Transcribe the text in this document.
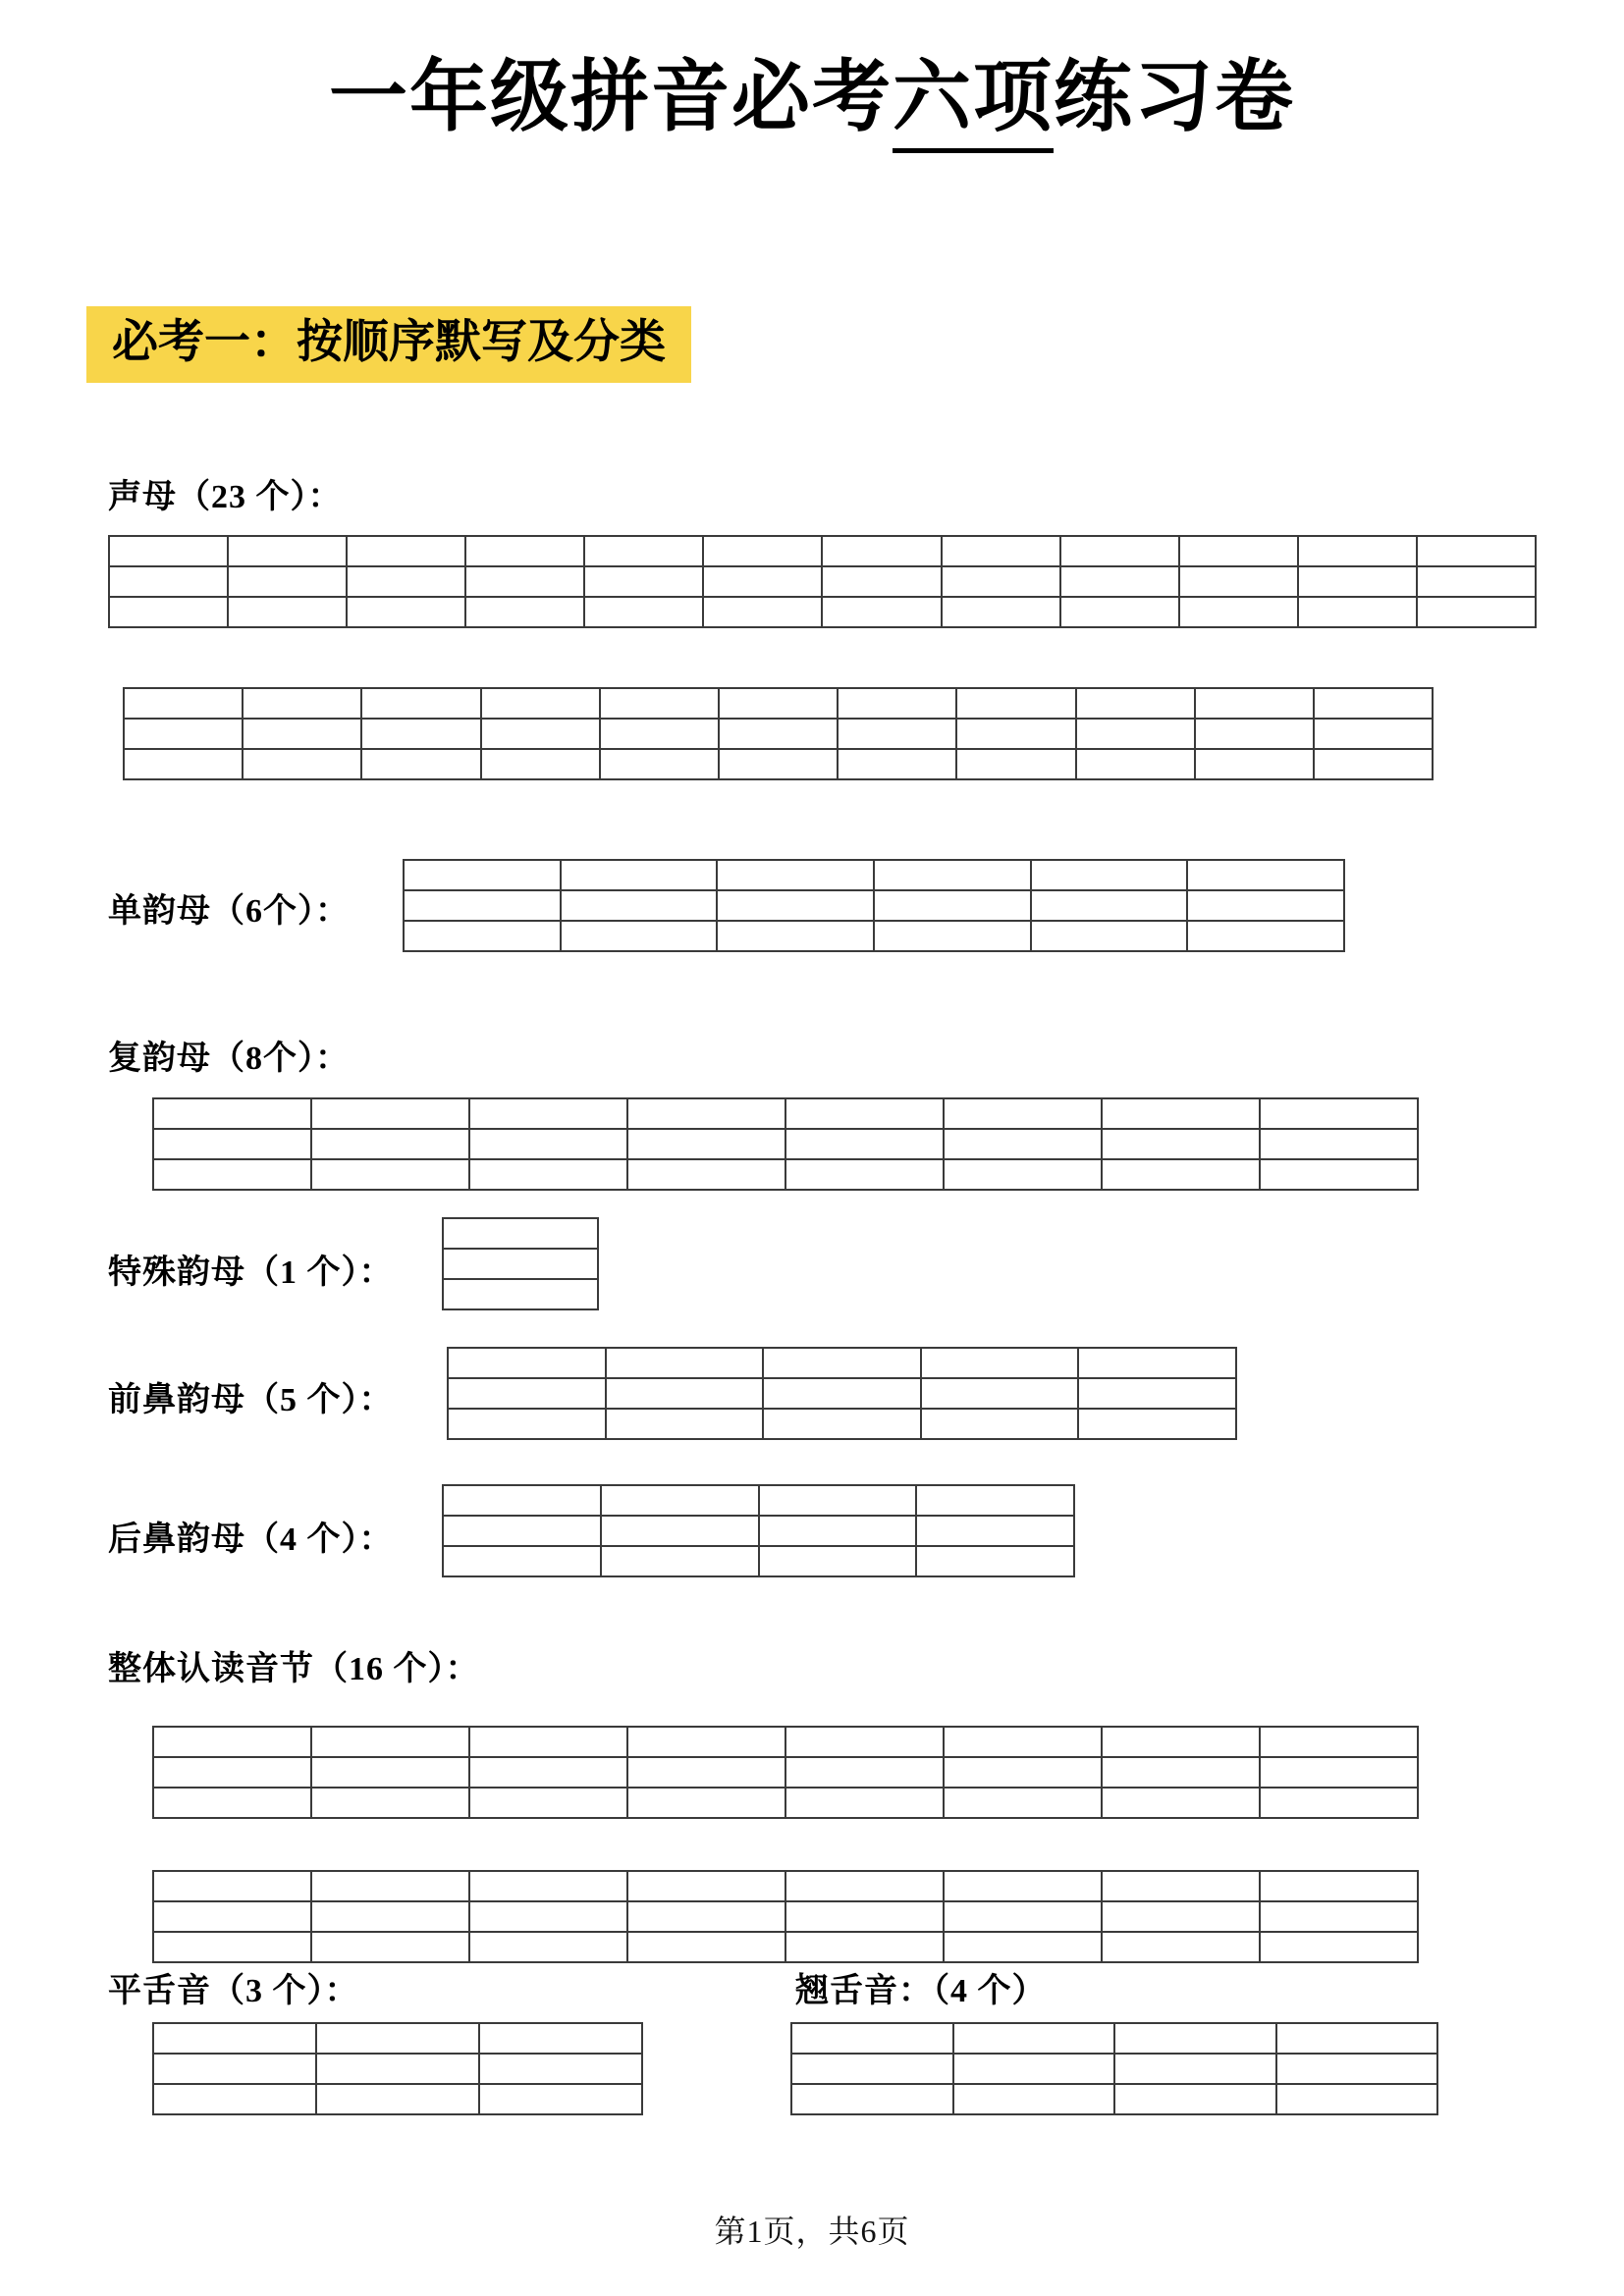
一年级拼音必考六项练习卷
必考一：按顺序默写及分类
声母（23 个）：
单韵母（6个）：
复韵母（8个）：
特殊韵母（1 个）：
前鼻韵母（5 个）：
后鼻韵母（4 个）：
整体认读音节（16 个）：
平舌音（3 个）：	翘舌音：（4 个）
第1页，共6页
